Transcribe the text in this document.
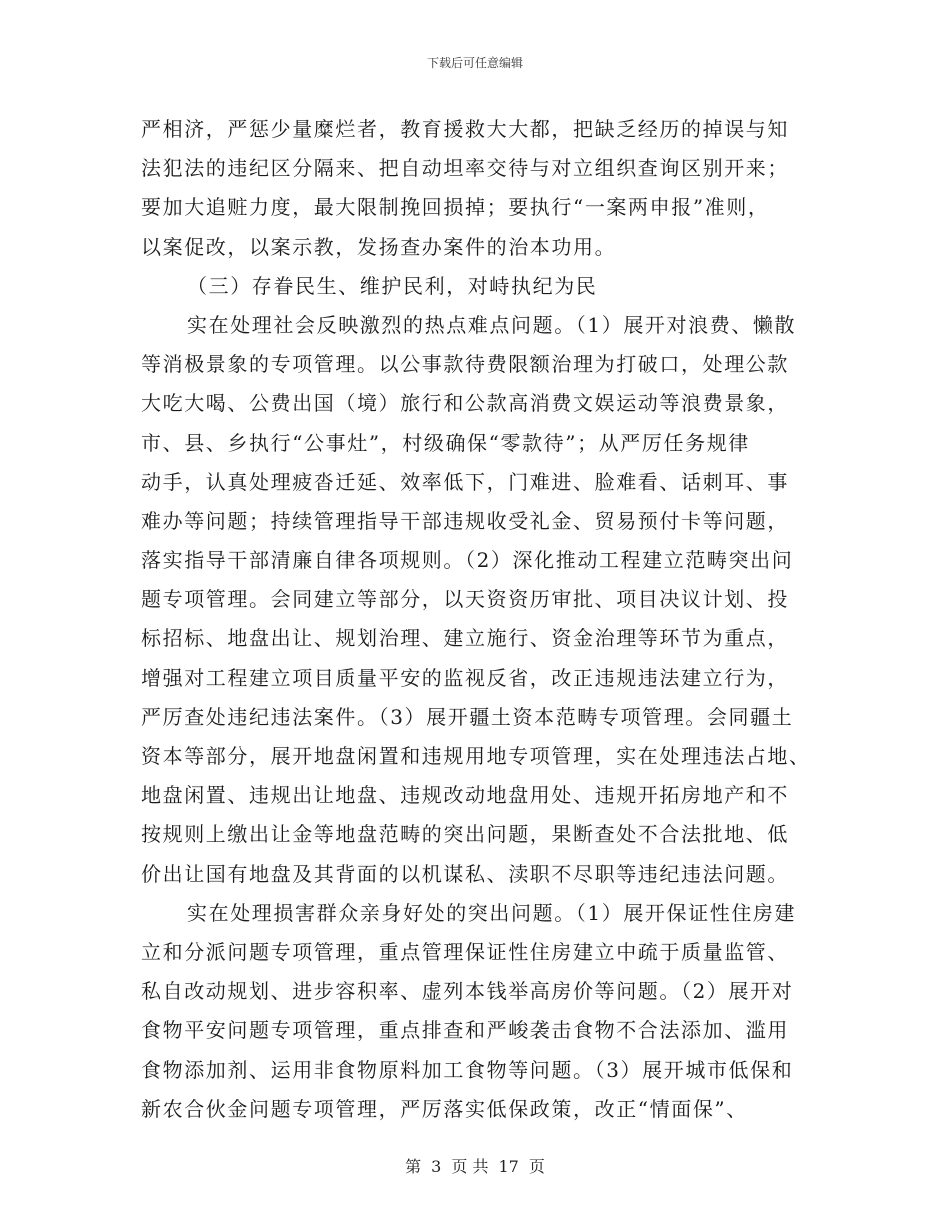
下载后可任意编辑
严相济，严惩少量糜烂者，教育援救大大都，把缺乏经历的掉误与知
法犯法的违纪区分隔来、把自动坦率交待与对立组织查询区别开来；
要加大追赃力度，最大限制挽回损掉；要执行“一案两申报”准则，
以案促改，以案示教，发扬查办案件的治本功用。
（三）存眷民生、维护民利，对峙执纪为民
实在处理社会反映激烈的热点难点问题。（1）展开对浪费、懒散
等消极景象的专项管理。以公事款待费限额治理为打破口，处理公款
大吃大喝、公费出国（境）旅行和公款高消费文娱运动等浪费景象，
市、县、乡执行“公事灶”，村级确保“零款待”；从严厉任务规律
动手，认真处理疲沓迁延、效率低下，门难进、脸难看、话刺耳、事
难办等问题；持续管理指导干部违规收受礼金、贸易预付卡等问题，
落实指导干部清廉自律各项规则。（2）深化推动工程建立范畴突出问
题专项管理。会同建立等部分，以天资资历审批、项目决议计划、投
标招标、地盘出让、规划治理、建立施行、资金治理等环节为重点，
增强对工程建立项目质量平安的监视反省，改正违规违法建立行为，
严厉查处违纪违法案件。（3）展开疆土资本范畴专项管理。会同疆土
资本等部分，展开地盘闲置和违规用地专项管理，实在处理违法占地、
地盘闲置、违规出让地盘、违规改动地盘用处、违规开拓房地产和不
按规则上缴出让金等地盘范畴的突出问题，果断查处不合法批地、低
价出让国有地盘及其背面的以机谋私、渎职不尽职等违纪违法问题。
实在处理损害群众亲身好处的突出问题。（1）展开保证性住房建
立和分派问题专项管理，重点管理保证性住房建立中疏于质量监管、
私自改动规划、进步容积率、虚列本钱举高房价等问题。（2）展开对
食物平安问题专项管理，重点排查和严峻袭击食物不合法添加、滥用
食物添加剂、运用非食物原料加工食物等问题。（3）展开城市低保和
新农合伙金问题专项管理，严厉落实低保政策，改正“情面保”、
第 3 页 共 17 页
